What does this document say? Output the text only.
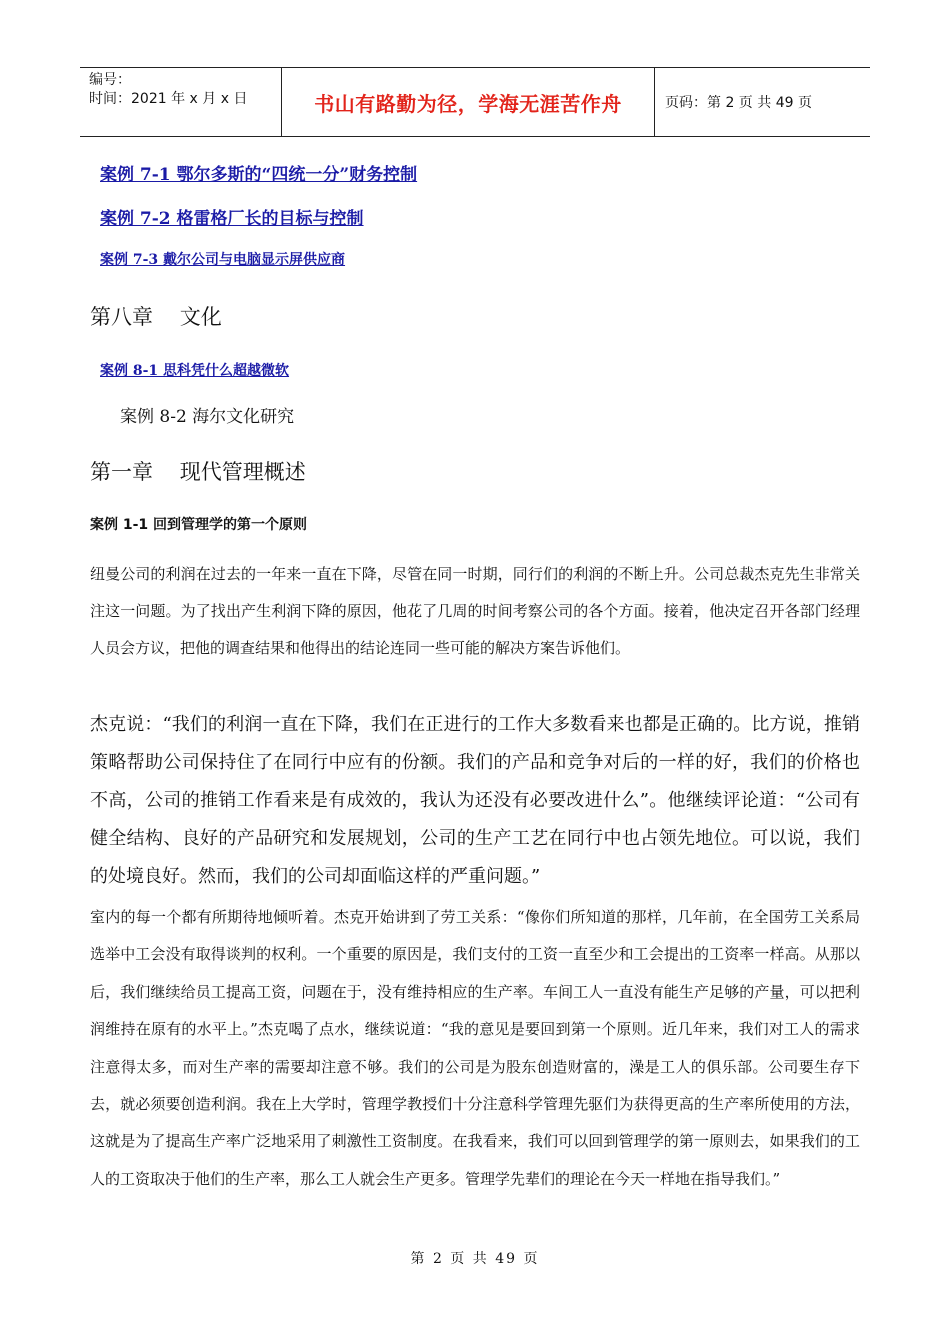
编号：
时间：2021 年 x 月 x 日	书山有路勤为径，学海无涯苦作舟	页码：第 2 页 共 49 页
案例 7-1 鄂尔多斯的“四统一分”财务控制
案例 7-2 格雷格厂长的目标与控制
案例 7-3 戴尔公司与电脑显示屏供应商
第八章    文化
案例 8-1 思科凭什么超越微软
案例 8-2 海尔文化研究
第一章    现代管理概述
案例 1-1 回到管理学的第一个原则

纽曼公司的利润在过去的一年来一直在下降，尽管在同一时期，同行们的利润的不断上升。公司总裁杰克先生非常关注这一问题。为了找出产生利润下降的原因，他花了几周的时间考察公司的各个方面。接着，他决定召开各部门经理人员会方议，把他的调查结果和他得出的结论连同一些可能的解决方案告诉他们。

杰克说：“我们的利润一直在下降，我们在正进行的工作大多数看来也都是正确的。比方说，推销策略帮助公司保持住了在同行中应有的份额。我们的产品和竞争对后的一样的好，我们的价格也不高，公司的推销工作看来是有成效的，我认为还没有必要改进什么”。他继续评论道：“公司有健全结构、良好的产品研究和发展规划，公司的生产工艺在同行中也占领先地位。可以说，我们的处境良好。然而，我们的公司却面临这样的严重问题。”

室内的每一个都有所期待地倾听着。杰克开始讲到了劳工关系：“像你们所知道的那样，几年前，在全国劳工关系局选举中工会没有取得谈判的权利。一个重要的原因是，我们支付的工资一直至少和工会提出的工资率一样高。从那以后，我们继续给员工提高工资，问题在于，没有维持相应的生产率。车间工人一直没有能生产足够的产量，可以把利润维持在原有的水平上。”杰克喝了点水，继续说道：“我的意见是要回到第一个原则。近几年来，我们对工人的需求注意得太多，而对生产率的需要却注意不够。我们的公司是为股东创造财富的，澡是工人的俱乐部。公司要生存下去，就必须要创造利润。我在上大学时，管理学教授们十分注意科学管理先驱们为获得更高的生产率所使用的方法，这就是为了提高生产率广泛地采用了刺激性工资制度。在我看来，我们可以回到管理学的第一原则去，如果我们的工人的工资取决于他们的生产率，那么工人就会生产更多。管理学先辈们的理论在今天一样地在指导我们。”

第 2 页 共 49 页
